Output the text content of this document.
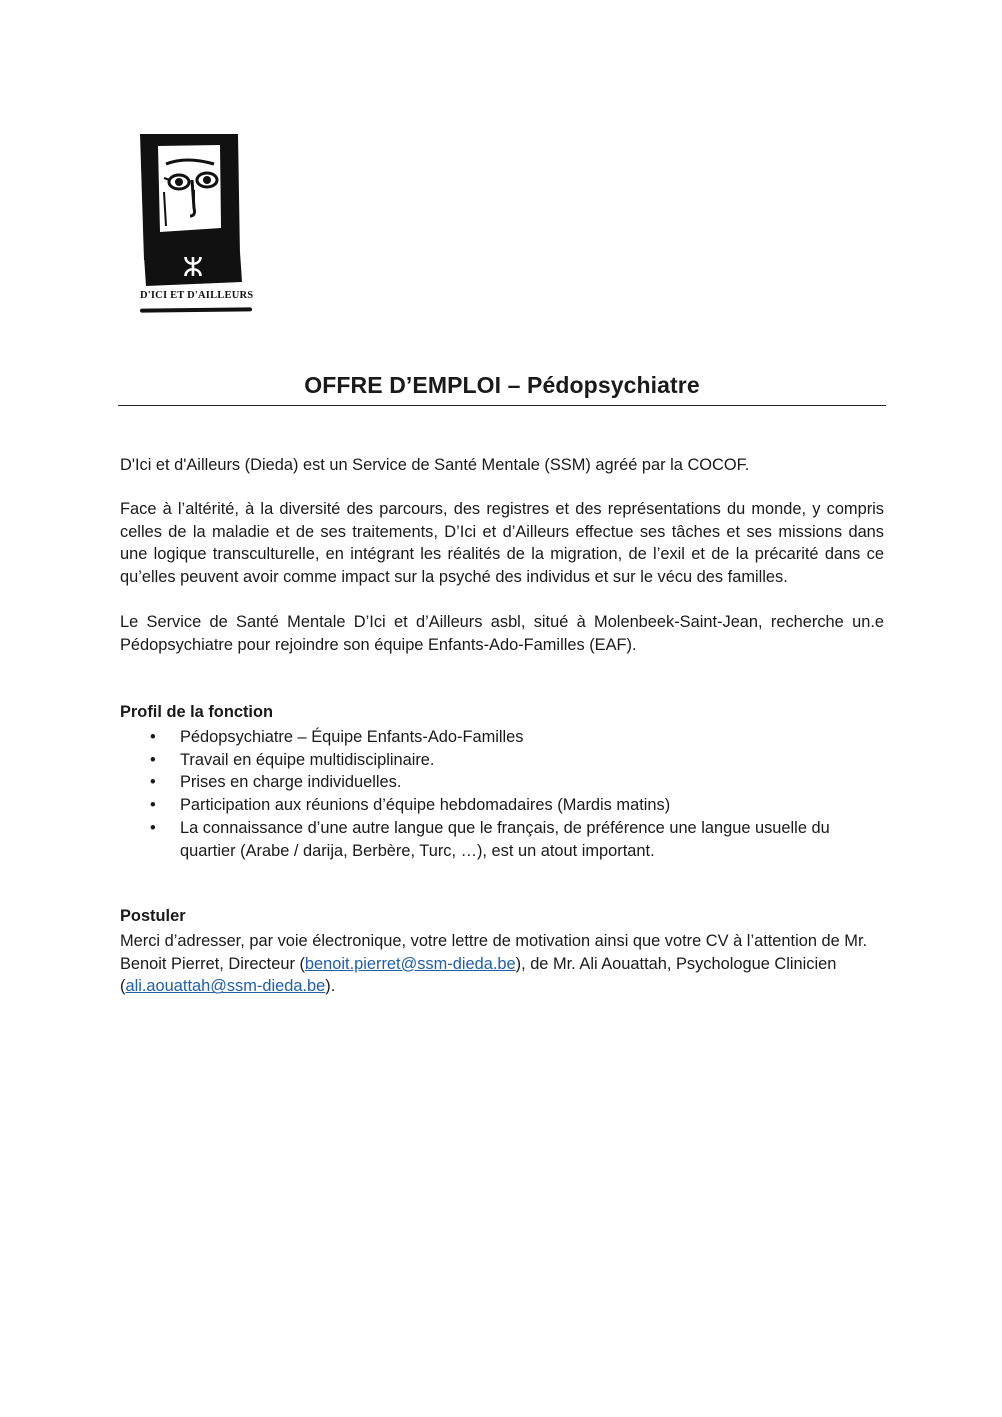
ⵣ
D'ICI ET D'AILLEURS
OFFRE D’EMPLOI – Pédopsychiatre

D'Ici et d'Ailleurs (Dieda) est un Service de Santé Mentale (SSM) agréé par la COCOF.

Face à l’altérité, à la diversité des parcours, des registres et des représentations du monde, y compris celles de la maladie et de ses traitements, D’Ici et d’Ailleurs effectue ses tâches et ses missions dans une logique transculturelle, en intégrant les réalités de la migration, de l’exil et de la précarité dans ce qu’elles peuvent avoir comme impact sur la psyché des individus et sur le vécu des familles.

Le Service de Santé Mentale D’Ici et d’Ailleurs asbl, situé à Molenbeek-Saint-Jean, recherche un.e Pédopsychiatre pour rejoindre son équipe Enfants-Ado-Familles (EAF).

Profil de la fonction
• Pédopsychiatre – Équipe Enfants-Ado-Familles
• Travail en équipe multidisciplinaire.
• Prises en charge individuelles.
• Participation aux réunions d’équipe hebdomadaires (Mardis matins)
• La connaissance d’une autre langue que le français, de préférence une langue usuelle du quartier (Arabe / darija, Berbère, Turc, …), est un atout important.
Postuler

Merci d’adresser, par voie électronique, votre lettre de motivation ainsi que votre CV à l’attention de Mr. Benoit Pierret, Directeur (benoit.pierret@ssm-dieda.be), de Mr. Ali Aouattah, Psychologue Clinicien (ali.aouattah@ssm-dieda.be).
